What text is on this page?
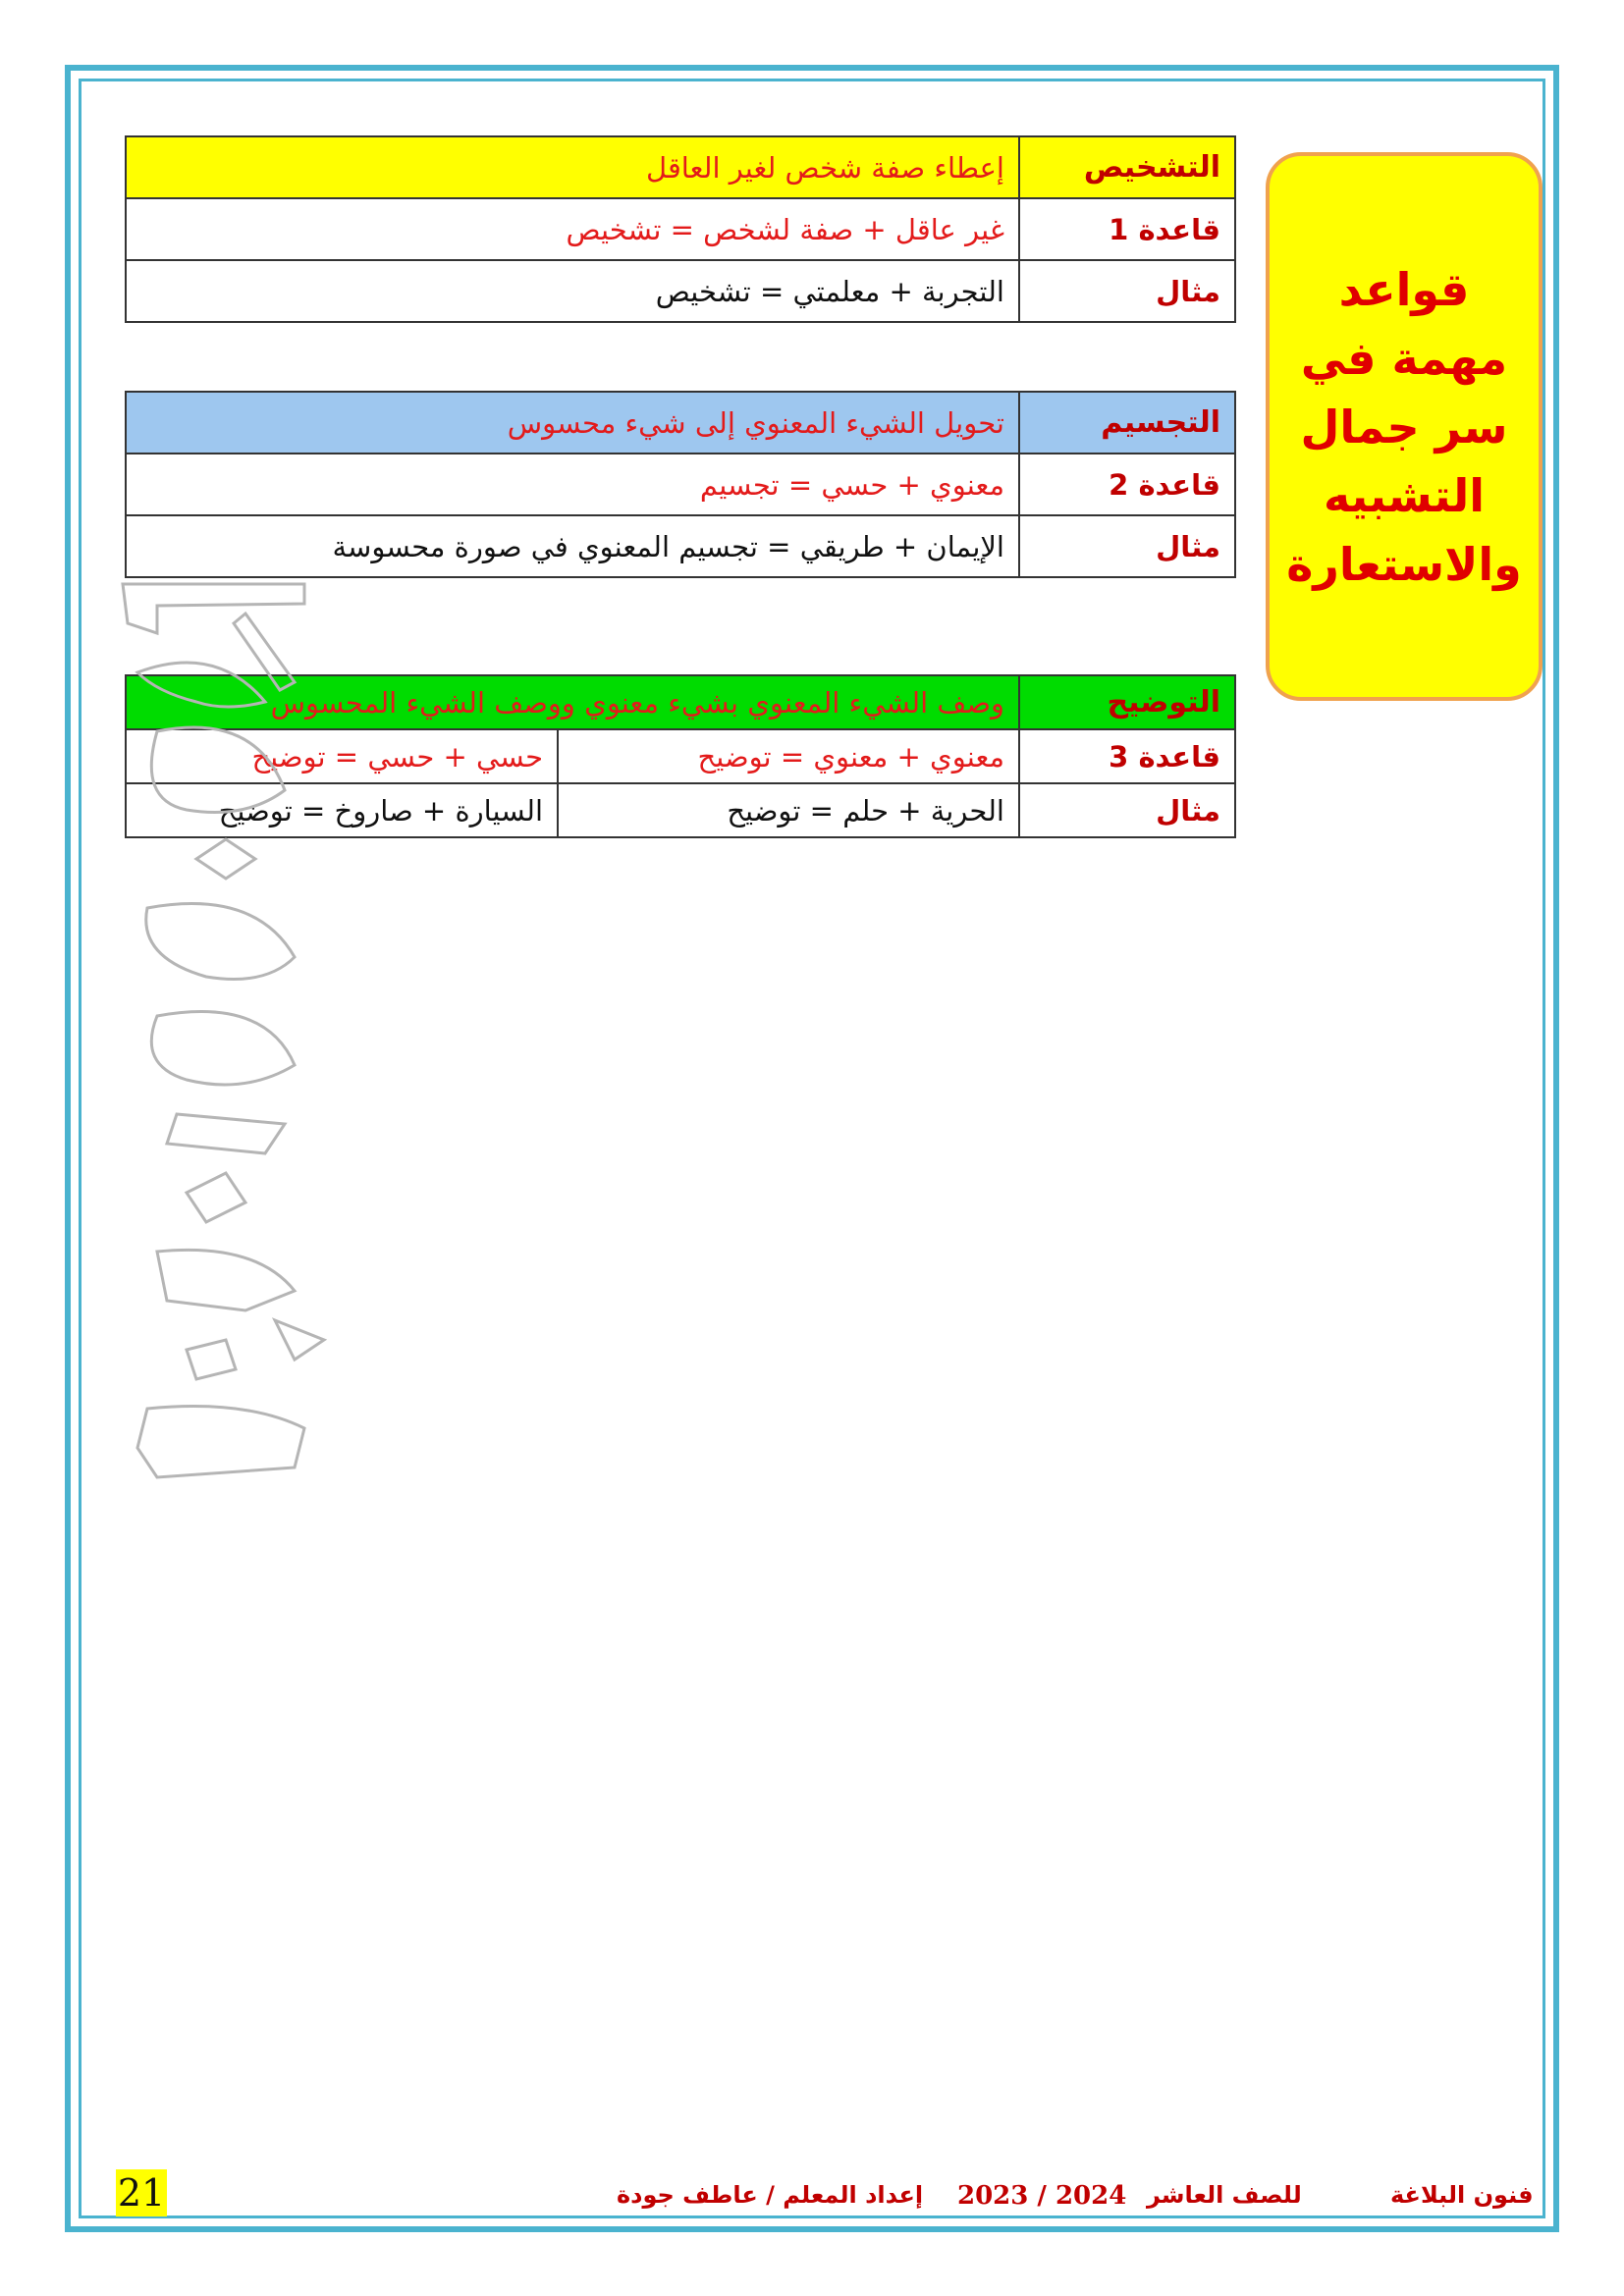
التشخيص	إعطاء صفة شخص لغير العاقل
قاعدة 1	غير عاقل + صفة لشخص = تشخيص
مثال	التجربة + معلمتي = تشخيص
التجسيم	تحويل الشيء المعنوي إلى شيء محسوس
قاعدة 2	معنوي + حسي = تجسيم
مثال	الإيمان + طريقي = تجسيم المعنوي في صورة محسوسة
التوضيح	وصف الشيء المعنوي بشيء معنوي ووصف الشيء المحسوس	
قاعدة 3	معنوي + معنوي = توضيح	حسي + حسي = توضيح
مثال	الحرية + حلم = توضيح	السيارة + صاروخ = توضيح
قواعد
مهمة في
سر جمال
التشبيه
والاستعارة
21	فنون البلاغة
للصف العاشر
2023 / 2024
إعداد المعلم / عاطف جودة
